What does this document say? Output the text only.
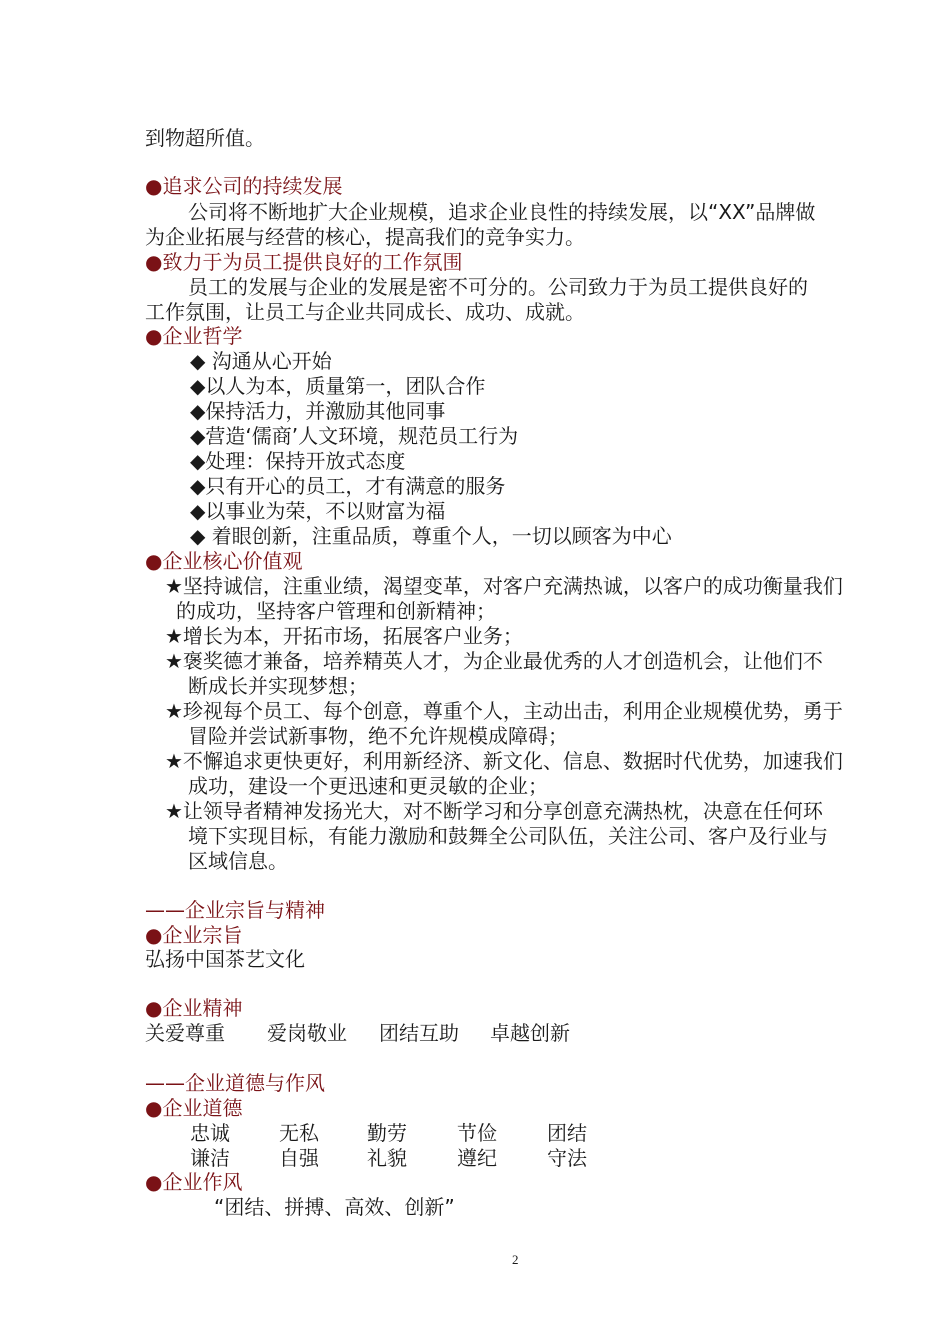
到物超所值。
●追求公司的持续发展
公司将不断地扩大企业规模，追求企业良性的持续发展，以“XX”品牌做
为企业拓展与经营的核心，提高我们的竞争实力。
●致力于为员工提供良好的工作氛围
员工的发展与企业的发展是密不可分的。公司致力于为员工提供良好的
工作氛围，让员工与企业共同成长、成功、成就。
●企业哲学
◆ 沟通从心开始
◆以人为本，质量第一，团队合作
◆保持活力，并激励其他同事
◆营造‘儒商’人文环境，规范员工行为
◆处理：保持开放式态度
◆只有开心的员工，才有满意的服务
◆以事业为荣，不以财富为福
◆ 着眼创新，注重品质，尊重个人，一切以顾客为中心
●企业核心价值观
★坚持诚信，注重业绩，渴望变革，对客户充满热诚，以客户的成功衡量我们
的成功，坚持客户管理和创新精神；
★增长为本，开拓市场，拓展客户业务；
★褒奖德才兼备，培养精英人才，为企业最优秀的人才创造机会，让他们不
断成长并实现梦想；
★珍视每个员工、每个创意，尊重个人，主动出击，利用企业规模优势，勇于
冒险并尝试新事物，绝不允许规模成障碍；
★不懈追求更快更好，利用新经济、新文化、信息、数据时代优势，加速我们
成功，建设一个更迅速和更灵敏的企业；
★让领导者精神发扬光大，对不断学习和分享创意充满热枕，决意在任何环
境下实现目标，有能力激励和鼓舞全公司队伍，关注公司、客户及行业与
区域信息。
——企业宗旨与精神
●企业宗旨
弘扬中国茶艺文化
●企业精神
关爱尊重 爱岗敬业 团结互助 卓越创新
——企业道德与作风
●企业道德
忠诚 无私 勤劳	节俭	团结
谦洁 自强 礼貌	遵纪	守法
●企业作风
“团结、拼搏、高效、创新”
2
